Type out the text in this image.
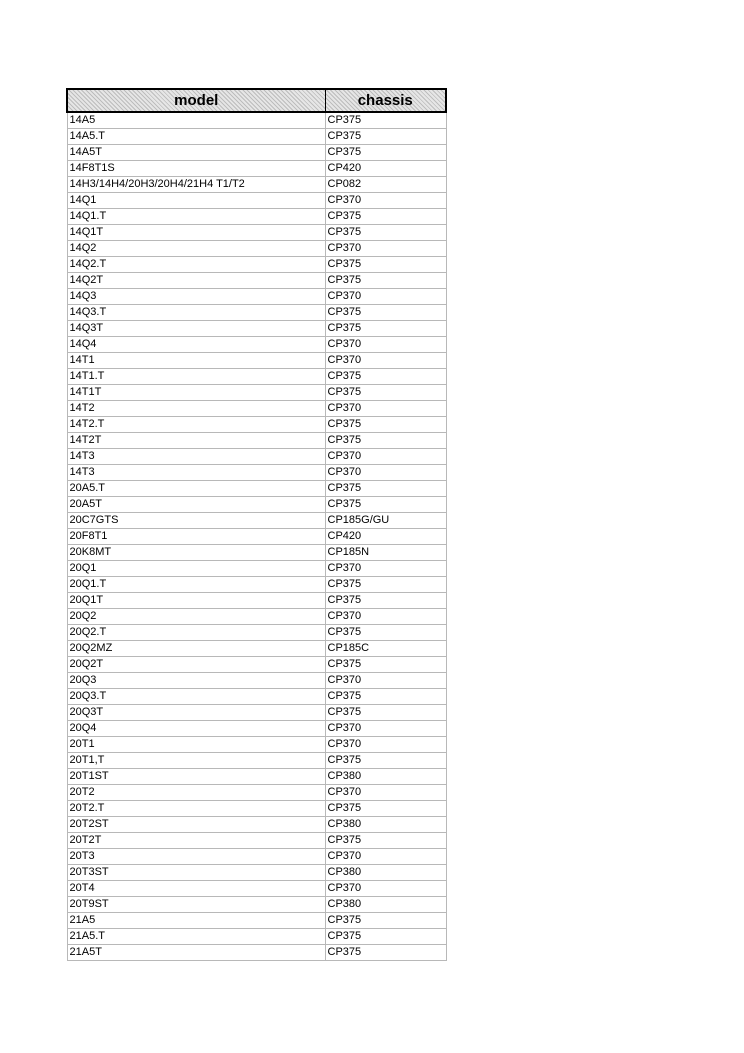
model	chassis
14A5	CP375
14A5.T	CP375
14A5T	CP375
14F8T1S	CP420
14H3/14H4/20H3/20H4/21H4 T1/T2	CP082
14Q1	CP370
14Q1.T	CP375
14Q1T	CP375
14Q2	CP370
14Q2.T	CP375
14Q2T	CP375
14Q3	CP370
14Q3.T	CP375
14Q3T	CP375
14Q4	CP370
14T1	CP370
14T1.T	CP375
14T1T	CP375
14T2	CP370
14T2.T	CP375
14T2T	CP375
14T3	CP370
14T3	CP370
20A5.T	CP375
20A5T	CP375
20C7GTS	CP185G/GU
20F8T1	CP420
20K8MT	CP185N
20Q1	CP370
20Q1.T	CP375
20Q1T	CP375
20Q2	CP370
20Q2.T	CP375
20Q2MZ	CP185C
20Q2T	CP375
20Q3	CP370
20Q3.T	CP375
20Q3T	CP375
20Q4	CP370
20T1	CP370
20T1,T	CP375
20T1ST	CP380
20T2	CP370
20T2.T	CP375
20T2ST	CP380
20T2T	CP375
20T3	CP370
20T3ST	CP380
20T4	CP370
20T9ST	CP380
21A5	CP375
21A5.T	CP375
21A5T	CP375
